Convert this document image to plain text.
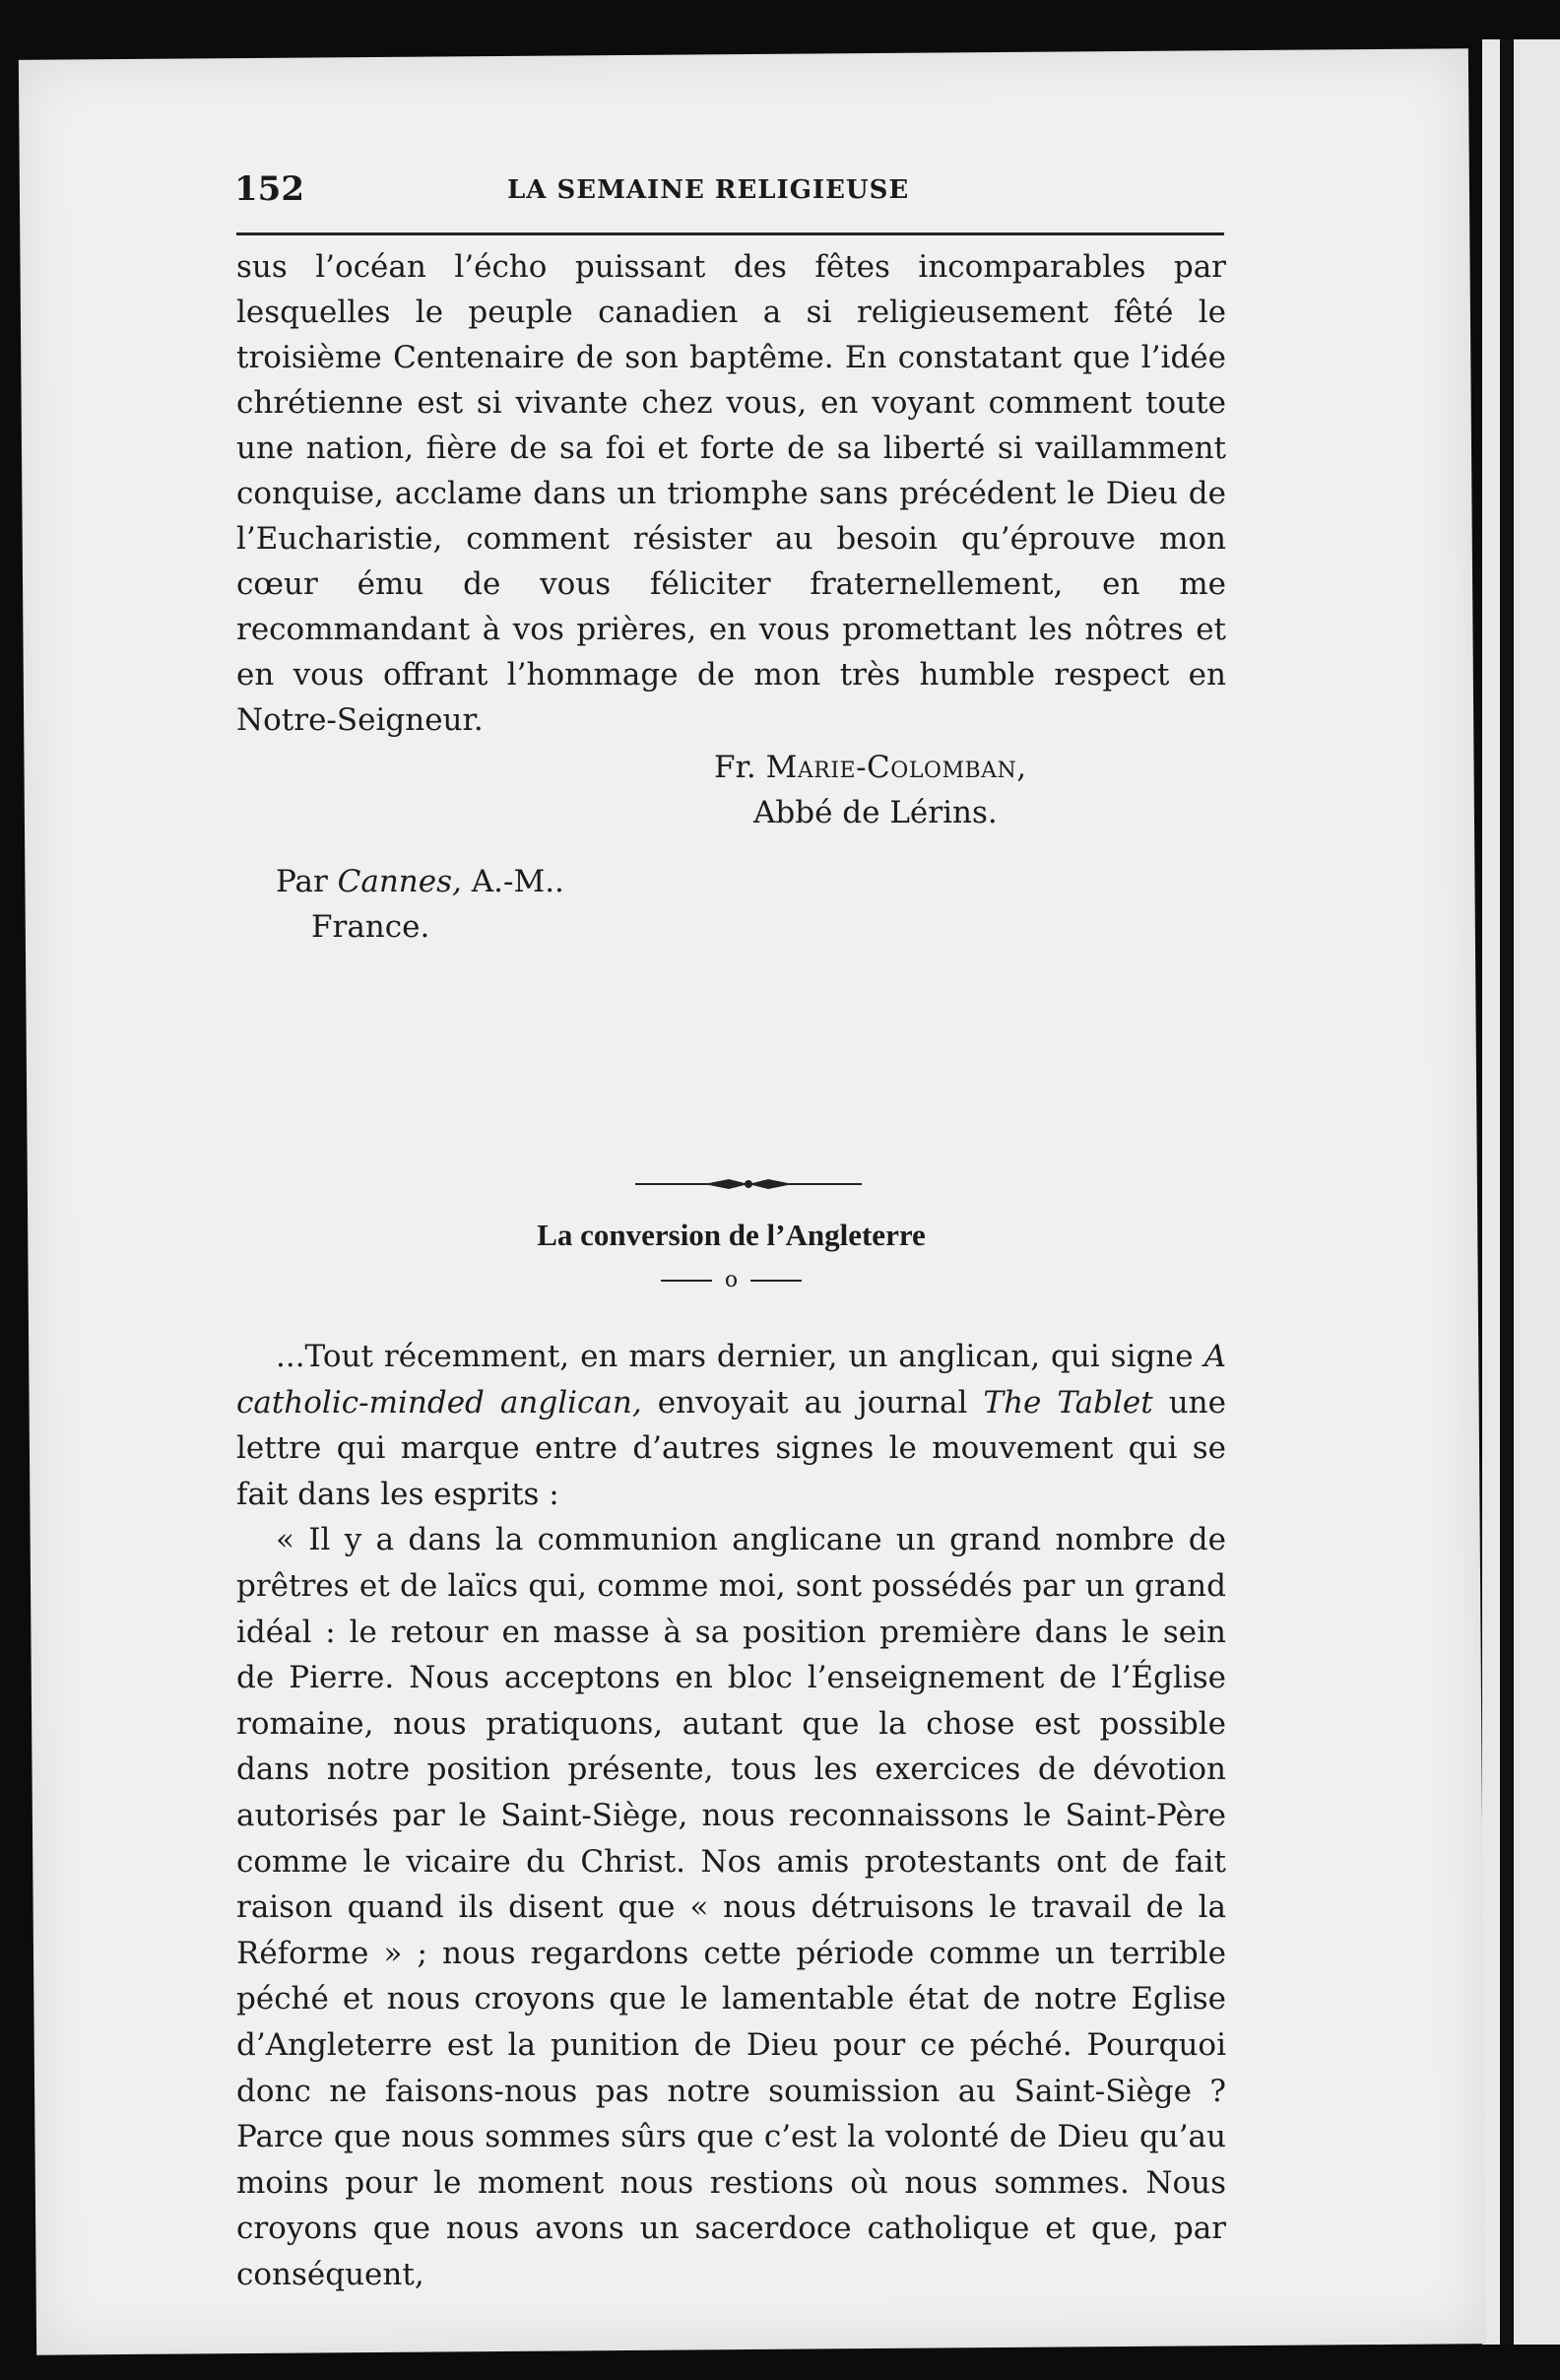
152	LA SEMAINE RELIGIEUSE

sus l’océan l’écho puissant des fêtes incomparables par lesquelles le peuple canadien a si religieusement fêté le troisième Centenaire de son baptême. En constatant que l’idée chrétienne est si vivante chez vous, en voyant comment toute une nation, fière de sa foi et forte de sa liberté si vaillamment conquise, acclame dans un triomphe sans précédent le Dieu de l’Eucharistie, comment résister au besoin qu’éprouve mon cœur ému de vous féliciter fraternellement, en me recommandant à vos prières, en vous promettant les nôtres et en vous offrant l’hommage de mon très humble respect en Notre-Seigneur.

Fr. Marie-Colomban,
Abbé de Lérins.
Par Cannes, A.-M..
France.
La conversion de l’Angleterre
o

...Tout récemment, en mars dernier, un anglican, qui signe A catholic-minded anglican, envoyait au journal The Tablet une lettre qui marque entre d’autres signes le mouvement qui se fait dans les esprits :

« Il y a dans la communion anglicane un grand nombre de prêtres et de laïcs qui, comme moi, sont possédés par un grand idéal : le retour en masse à sa position première dans le sein de Pierre. Nous acceptons en bloc l’enseignement de l’Église romaine, nous pratiquons, autant que la chose est possible dans notre position présente, tous les exercices de dévotion autorisés par le Saint-Siège, nous reconnaissons le Saint-Père comme le vicaire du Christ. Nos amis protestants ont de fait raison quand ils disent que « nous détruisons le travail de la Réforme » ; nous regardons cette période comme un terrible péché et nous croyons que le lamentable état de notre Eglise d’Angleterre est la punition de Dieu pour ce péché. Pourquoi donc ne faisons-nous pas notre soumission au Saint-Siège ? Parce que nous sommes sûrs que c’est la volonté de Dieu qu’au moins pour le moment nous restions où nous sommes. Nous croyons que nous avons un sacerdoce catholique et que, par conséquent,
